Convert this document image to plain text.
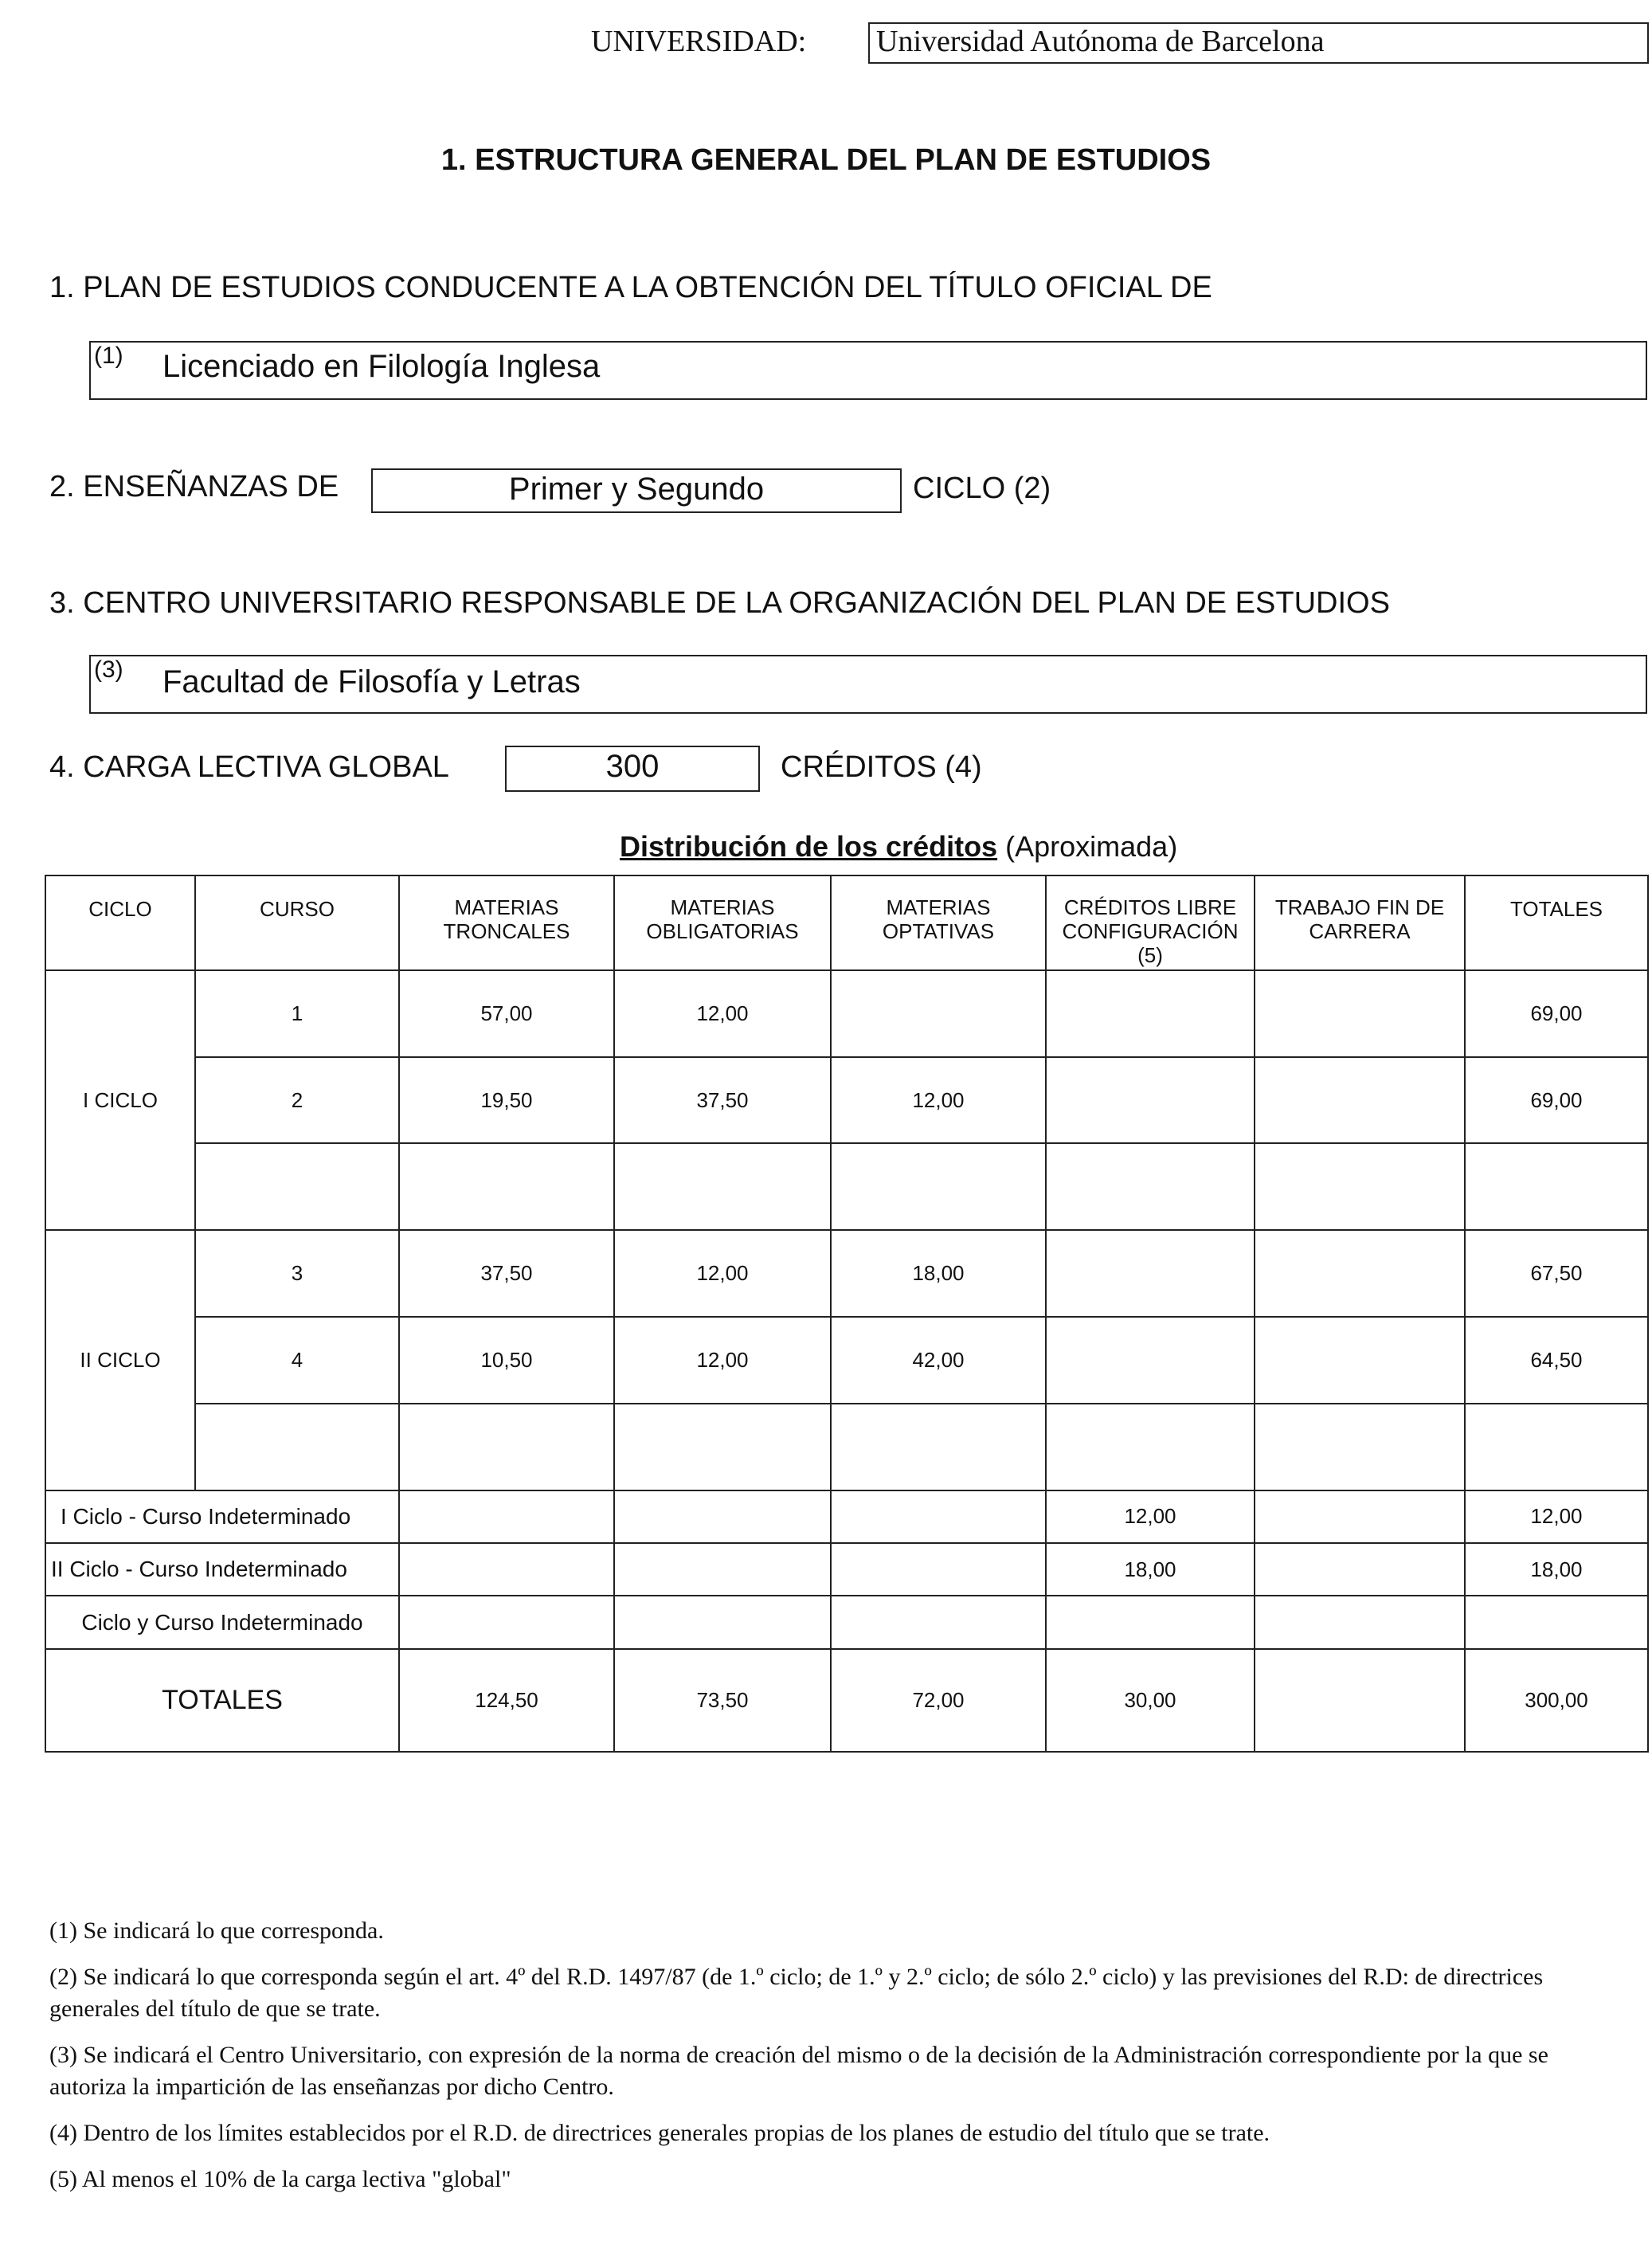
UNIVERSIDAD: Universidad Autónoma de Barcelona
1. ESTRUCTURA GENERAL DEL PLAN DE ESTUDIOS
1. PLAN DE ESTUDIOS CONDUCENTE A LA OBTENCIÓN DEL TÍTULO OFICIAL DE
(1) Licenciado en Filología Inglesa
2. ENSEÑANZAS DE	Primer y Segundo	CICLO (2)
3. CENTRO UNIVERSITARIO RESPONSABLE DE LA ORGANIZACIÓN DEL PLAN DE ESTUDIOS
(3) Facultad de Filosofía y Letras
4. CARGA LECTIVA GLOBAL	300	CRÉDITOS (4)
Distribución de los créditos (Aproximada)
CICLO	CURSO	MATERIAS TRONCALES	MATERIAS OBLIGATORIAS	MATERIAS OPTATIVAS	CRÉDITOS LIBRE CONFIGURACIÓN (5)	TRABAJO FIN DE CARRERA	TOTALES
I CICLO	1	57,00	12,00				69,00
	2	19,50	37,50	12,00			69,00

II CICLO	3	37,50	12,00	18,00			67,50
	4	10,50	12,00	42,00			64,50

I Ciclo - Curso Indeterminado					12,00		12,00
II Ciclo - Curso Indeterminado					18,00		18,00
Ciclo y Curso Indeterminado							
TOTALES		124,50	73,50	72,00	30,00		300,00

(1) Se indicará lo que corresponda.

(2) Se indicará lo que corresponda según el art. 4º del R.D. 1497/87 (de 1.º ciclo; de 1.º y 2.º ciclo; de sólo 2.º ciclo) y las previsiones del R.D: de directrices generales del título de que se trate.

(3) Se indicará el Centro Universitario, con expresión de la norma de creación del mismo o de la decisión de la Administración correspondiente por la que se autoriza la impartición de las enseñanzas por dicho Centro.

(4) Dentro de los límites establecidos por el R.D. de directrices generales propias de los planes de estudio del título que se trate.

(5) Al menos el 10% de la carga lectiva "global"
